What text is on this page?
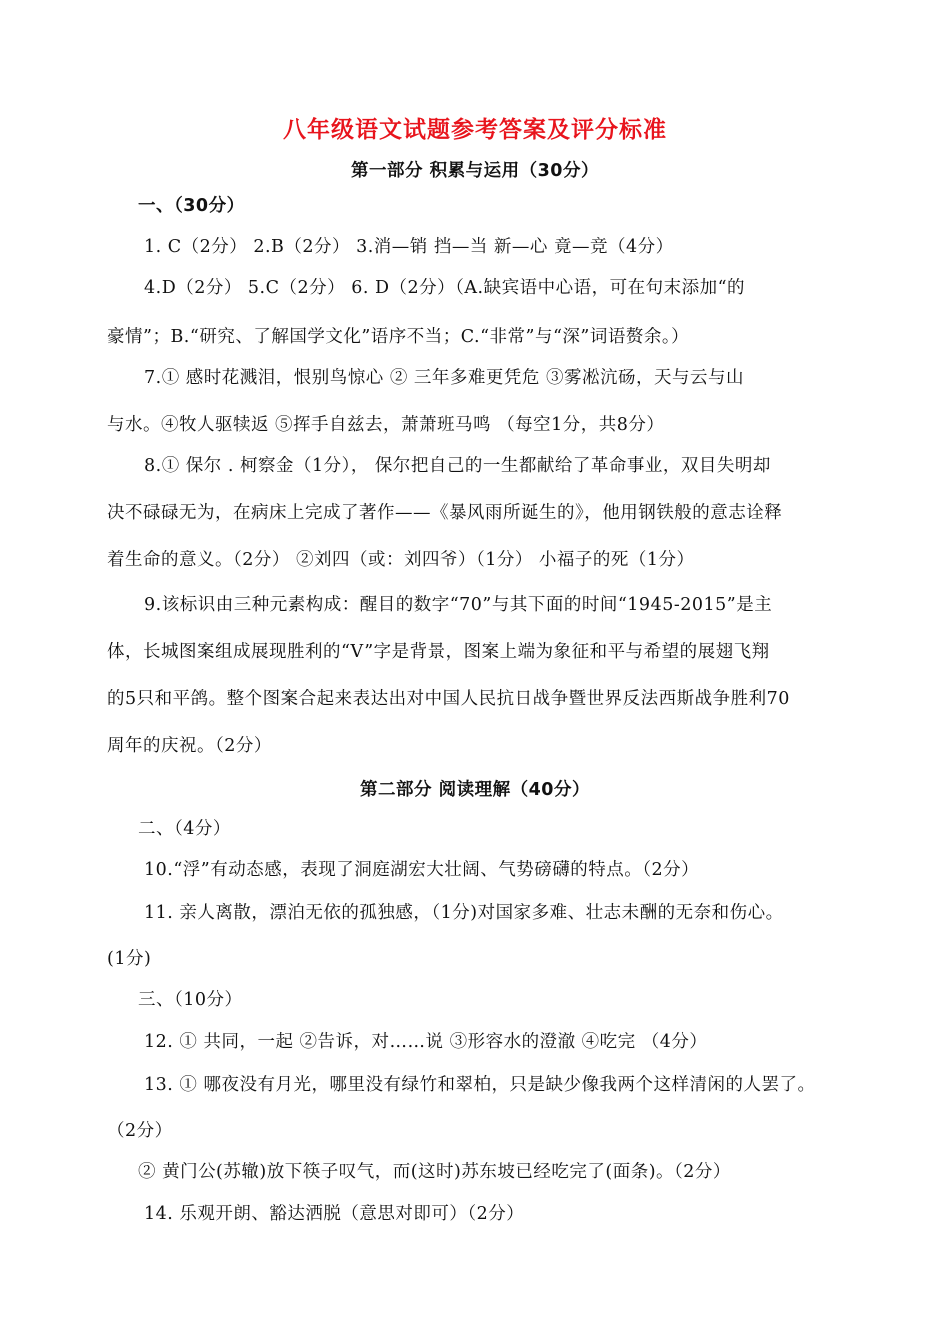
八年级语文试题参考答案及评分标准
第一部分 积累与运用（30分）
一、（30分）
1. C（2分） 2.B（2分） 3.消—销 挡—当 新—心 竟—竞（4分）
4.D（2分） 5.C（2分） 6. D（2分）（A.缺宾语中心语，可在句末添加“的
豪情”；B.“研究、了解国学文化”语序不当；C.“非常”与“深”词语赘余。）
7.① 感时花溅泪，恨别鸟惊心 ② 三年多难更凭危 ③雾凇沆砀，天与云与山
与水。④牧人驱犊返 ⑤挥手自兹去，萧萧班马鸣 （每空1分，共8分）
8.① 保尔 . 柯察金（1分）， 保尔把自己的一生都献给了革命事业，双目失明却
决不碌碌无为，在病床上完成了著作——《暴风雨所诞生的》，他用钢铁般的意志诠释
着生命的意义。（2分） ②刘四（或：刘四爷）（1分） 小福子的死（1分）
9.该标识由三种元素构成：醒目的数字“70”与其下面的时间“1945-2015”是主
体，长城图案组成展现胜利的“V”字是背景，图案上端为象征和平与希望的展翅飞翔
的5只和平鸽。整个图案合起来表达出对中国人民抗日战争暨世界反法西斯战争胜利70
周年的庆祝。（2分）
第二部分 阅读理解（40分）
二、（4分）
10.“浮”有动态感，表现了洞庭湖宏大壮阔、气势磅礴的特点。（2分）
11. 亲人离散，漂泊无依的孤独感，（1分)对国家多难、壮志未酬的无奈和伤心。
(1分)
三、（10分）
12. ① 共同，一起 ②告诉，对……说 ③形容水的澄澈 ④吃完 （4分）
13. ① 哪夜没有月光，哪里没有绿竹和翠柏，只是缺少像我两个这样清闲的人罢了。
（2分）
② 黄门公(苏辙)放下筷子叹气，而(这时)苏东坡已经吃完了(面条)。（2分）
14. 乐观开朗、豁达洒脱（意思对即可）（2分）
